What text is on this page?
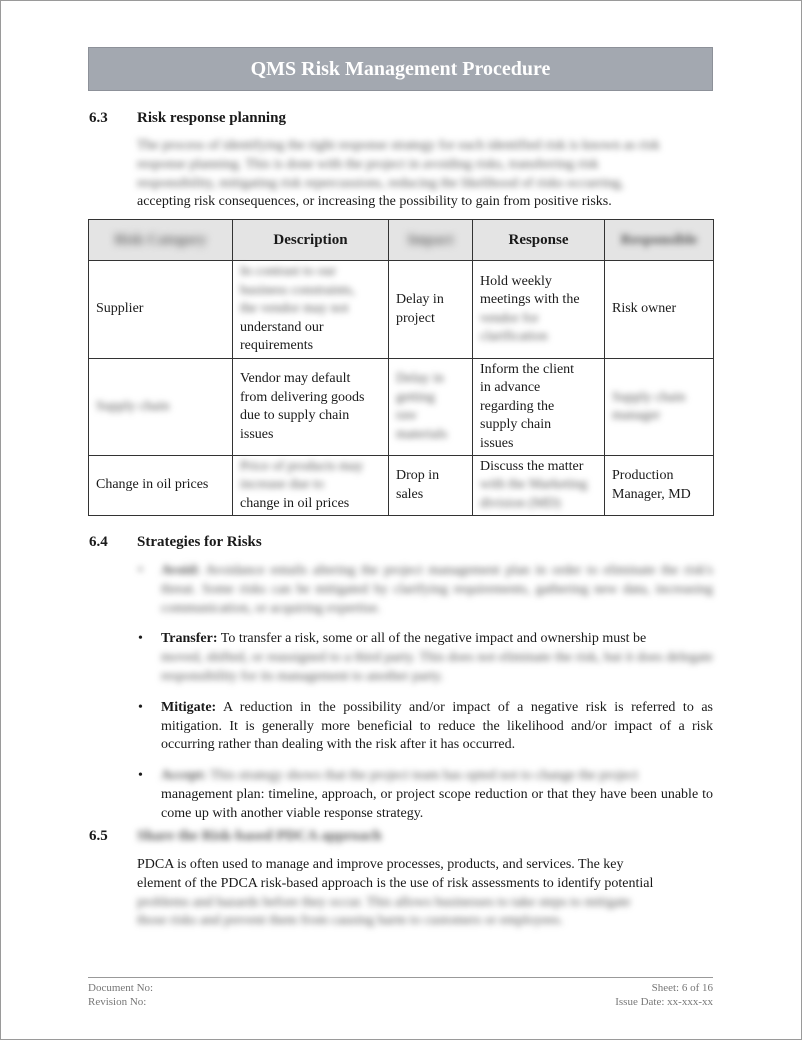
QMS Risk Management Procedure
6.3 Risk response planning
The process of identifying the right response strategy for each identified risk is known as risk
response planning. This is done with the project in avoiding risks, transferring risk
responsibility, mitigating risk repercussions, reducing the likelihood of risks occurring,
accepting risk consequences, or increasing the possibility to gain from positive risks.
Risk Category	Description	Impact	Response	Responsible
Supplier	In contrast to our
business constraints,
the vendor may not
understand our
requirements	Delay in
project	Hold weekly
meetings with the
vendor for
clarification	Risk owner
Supply chain	Vendor may default
from delivering goods
due to supply chain
issues	Delay in
getting
raw
materials	Inform the client
in advance
regarding the
supply chain
issues	Supply chain
manager

Change in oil prices	Price of products may
increase due to
change in oil prices	Drop in
sales	Discuss the matter
with the Marketing
division (MD)	Production
Manager, MD
6.4 Strategies for Risks
• Avoid: Avoidance entails altering the project management plan in order to eliminate the risk's threat. Some risks can be mitigated by clarifying requirements, gathering new data, increasing communication, or acquiring expertise.
• Transfer: To transfer a risk, some or all of the negative impact and ownership must be
moved, shifted, or reassigned to a third party. This does not eliminate the risk, but it does delegate responsibility for its management to another party.
• Mitigate: A reduction in the possibility and/or impact of a negative risk is referred to as mitigation. It is generally more beneficial to reduce the likelihood and/or impact of a risk occurring rather than dealing with the risk after it has occurred.
• Accept: This strategy shows that the project team has opted not to change the project
management plan: timeline, approach, or project scope reduction or that they have been unable to come up with another viable response strategy.
6.5 Share the Risk-based PDCA approach
PDCA is often used to manage and improve processes, products, and services. The key
element of the PDCA risk-based approach is the use of risk assessments to identify potential
problems and hazards before they occur. This allows businesses to take steps to mitigate
those risks and prevent them from causing harm to customers or employees.
Document No:	Sheet: 6 of 16
Revision No:	Issue Date: xx-xxx-xx
